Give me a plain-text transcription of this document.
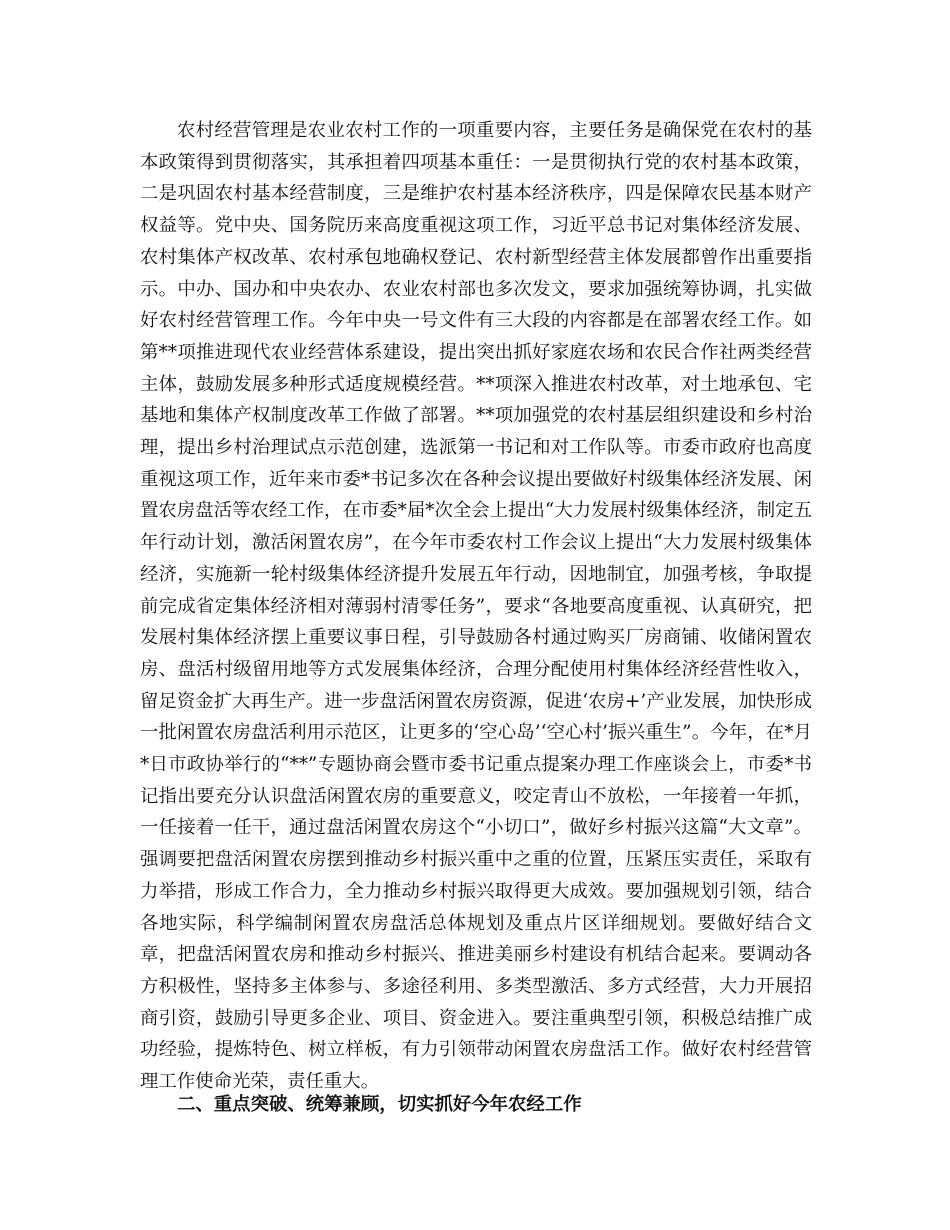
农村经营管理是农业农村工作的一项重要内容，主要任务是确保党在农村的基本政策得到贯彻落实，其承担着四项基本重任：一是贯彻执行党的农村基本政策，二是巩固农村基本经营制度，三是维护农村基本经济秩序，四是保障农民基本财产权益等。党中央、国务院历来高度重视这项工作，习近平总书记对集体经济发展、农村集体产权改革、农村承包地确权登记、农村新型经营主体发展都曾作出重要指示。中办、国办和中央农办、农业农村部也多次发文，要求加强统筹协调，扎实做好农村经营管理工作。今年中央一号文件有三大段的内容都是在部署农经工作。如第**项推进现代农业经营体系建设，提出突出抓好家庭农场和农民合作社两类经营主体，鼓励发展多种形式适度规模经营。**项深入推进农村改革，对土地承包、宅基地和集体产权制度改革工作做了部署。**项加强党的农村基层组织建设和乡村治理，提出乡村治理试点示范创建，选派第一书记和对工作队等。市委市政府也高度重视这项工作，近年来市委*书记多次在各种会议提出要做好村级集体经济发展、闲置农房盘活等农经工作，在市委*届*次全会上提出“大力发展村级集体经济，制定五年行动计划，激活闲置农房”，在今年市委农村工作会议上提出“大力发展村级集体经济，实施新一轮村级集体经济提升发展五年行动，因地制宜，加强考核，争取提前完成省定集体经济相对薄弱村清零任务”，要求“各地要高度重视、认真研究，把发展村集体经济摆上重要议事日程，引导鼓励各村通过购买厂房商铺、收储闲置农房、盘活村级留用地等方式发展集体经济，合理分配使用村集体经济经营性收入，留足资金扩大再生产。进一步盘活闲置农房资源，促进‘农房+’产业发展，加快形成一批闲置农房盘活利用示范区，让更多的‘空心岛’‘空心村’振兴重生”。今年，在*月*日市政协举行的“**”专题协商会暨市委书记重点提案办理工作座谈会上，市委*书记指出要充分认识盘活闲置农房的重要意义，咬定青山不放松，一年接着一年抓，一任接着一任干，通过盘活闲置农房这个“小切口”，做好乡村振兴这篇“大文章”。强调要把盘活闲置农房摆到推动乡村振兴重中之重的位置，压紧压实责任，采取有力举措，形成工作合力，全力推动乡村振兴取得更大成效。要加强规划引领，结合各地实际，科学编制闲置农房盘活总体规划及重点片区详细规划。要做好结合文章，把盘活闲置农房和推动乡村振兴、推进美丽乡村建设有机结合起来。要调动各方积极性，坚持多主体参与、多途径利用、多类型激活、多方式经营，大力开展招商引资，鼓励引导更多企业、项目、资金进入。要注重典型引领，积极总结推广成功经验，提炼特色、树立样板，有力引领带动闲置农房盘活工作。做好农村经营管理工作使命光荣，责任重大。

二、重点突破、统筹兼顾，切实抓好今年农经工作
